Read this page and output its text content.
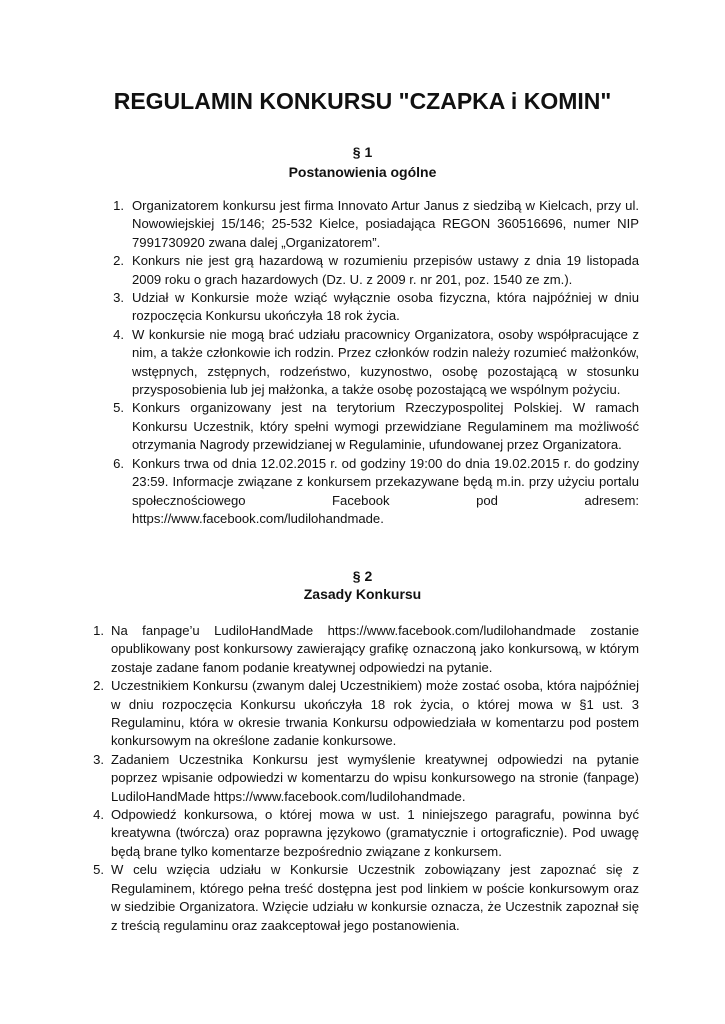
REGULAMIN KONKURSU "CZAPKA i KOMIN"
§ 1
Postanowienia ogólne
1. Organizatorem konkursu jest firma Innovato Artur Janus z siedzibą w Kielcach, przy ul. Nowowiejskiej 15/146; 25-532 Kielce, posiadająca REGON 360516696, numer NIP 7991730920 zwana dalej „Organizatorem”.
2. Konkurs nie jest grą hazardową w rozumieniu przepisów ustawy z dnia 19 listopada 2009 roku o grach hazardowych (Dz. U. z 2009 r. nr 201, poz. 1540 ze zm.).
3. Udział w Konkursie może wziąć wyłącznie osoba fizyczna, która najpóźniej w dniu rozpoczęcia Konkursu ukończyła 18 rok życia.
4. W konkursie nie mogą brać udziału pracownicy Organizatora, osoby współpracujące z nim, a także członkowie ich rodzin. Przez członków rodzin należy rozumieć małżonków, wstępnych, zstępnych, rodzeństwo, kuzynostwo, osobę pozostającą w stosunku przysposobienia lub jej małżonka, a także osobę pozostającą we wspólnym pożyciu.
5. Konkurs organizowany jest na terytorium Rzeczypospolitej Polskiej. W ramach Konkursu Uczestnik, który spełni wymogi przewidziane Regulaminem ma możliwość otrzymania Nagrody przewidzianej w Regulaminie, ufundowanej przez Organizatora.
6. Konkurs trwa od dnia 12.02.2015 r. od godziny 19:00 do dnia 19.02.2015 r. do godziny 23:59. Informacje związane z konkursem przekazywane będą m.in. przy użyciu portalu społecznościowego Facebook pod adresem: https://www.facebook.com/ludilohandmade.
§ 2
Zasady Konkursu
1. Na fanpage’u LudiloHandMade https://www.facebook.com/ludilohandmade zostanie opublikowany post konkursowy zawierający grafikę oznaczoną jako konkursową, w którym zostaje zadane fanom podanie kreatywnej odpowiedzi na pytanie.
2. Uczestnikiem Konkursu (zwanym dalej Uczestnikiem) może zostać osoba, która najpóźniej w dniu rozpoczęcia Konkursu ukończyła 18 rok życia, o której mowa w §1 ust. 3 Regulaminu, która w okresie trwania Konkursu odpowiedziała w komentarzu pod postem konkursowym na określone zadanie konkursowe.
3. Zadaniem Uczestnika Konkursu jest wymyślenie kreatywnej odpowiedzi na pytanie poprzez wpisanie odpowiedzi w komentarzu do wpisu konkursowego na stronie (fanpage) LudiloHandMade https://www.facebook.com/ludilohandmade.
4. Odpowiedź konkursowa, o której mowa w ust. 1 niniejszego paragrafu, powinna być kreatywna (twórcza) oraz poprawna językowo (gramatycznie i ortograficznie). Pod uwagę będą brane tylko komentarze bezpośrednio związane z konkursem.
5. W celu wzięcia udziału w Konkursie Uczestnik zobowiązany jest zapoznać się z Regulaminem, którego pełna treść dostępna jest pod linkiem w poście konkursowym oraz w siedzibie Organizatora. Wzięcie udziału w konkursie oznacza, że Uczestnik zapoznał się z treścią regulaminu oraz zaakceptował jego postanowienia.
